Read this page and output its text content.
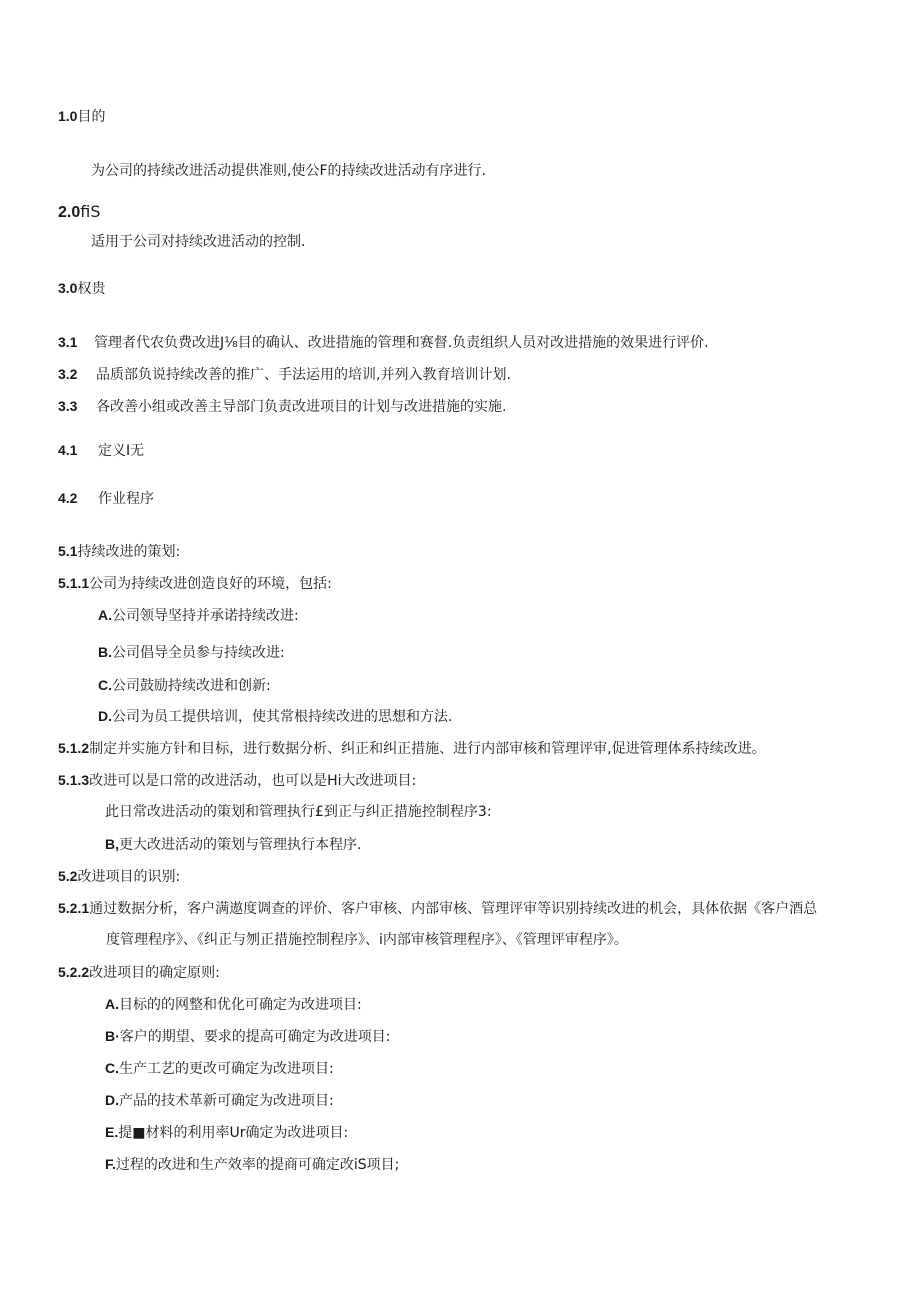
1.0目的
为公司的持续改进活动提供准则,使公F的持续改进活动有序进行.
2.0fiS
适用于公司对持续改进活动的控制.
3.0权贵
3.1 管理者代农负费改进J⅛目的确认、改进措施的管理和赛督.负责组织人员对改进措施的效果进行评价.
3.2 品质部负说持续改善的推广、手法运用的培训,并列入教育培训计划.
3.3 各改善小组或改善主导部门负责改进项目的计划与改进措施的实施.
4.1 定义I无
4.2 作业程序
5.1持续改进的策划:
5.1.1公司为持续改进创造良好的环境，包括:
A.公司领导坚持并承诺持续改进:
B.公司倡导全员参与持续改进:
C.公司鼓励持续改进和创新:
D.公司为员工提供培训，使其常根持续改进的思想和方法.
5.1.2制定并实施方针和目标，进行数据分析、纠正和纠正措施、进行内部审核和管理评审,促进管理体系持续改进。
5.1.3改进可以是口常的改进活动，也可以是Hi大改进项目:
此日常改进活动的策划和管理执行£到正与纠正措施控制程序3:
B,更大改进活动的策划与管理执行本程序.
5.2改进项目的识别:
5.2.1通过数据分析，客户满遨度调查的评价、客户审核、内部审核、管理评审等识别持续改进的机会，具体依据《客户酒总
度管理程序》、《纠正与刎正措施控制程序》、i内部审核管理程序》、《管理评审程序》。
5.2.2改进项目的确定原则:
A.目标的的网整和优化可确定为改进项目:
B·客户的期望、要求的提高可确定为改进项目:
C.生产工艺的更改可确定为改进项目:
D.产品的技术革新可确定为改进项目:
E.提■材料的利用率Ur确定为改进项目:
F.过程的改进和生产效率的提商可确定改iS项目;
